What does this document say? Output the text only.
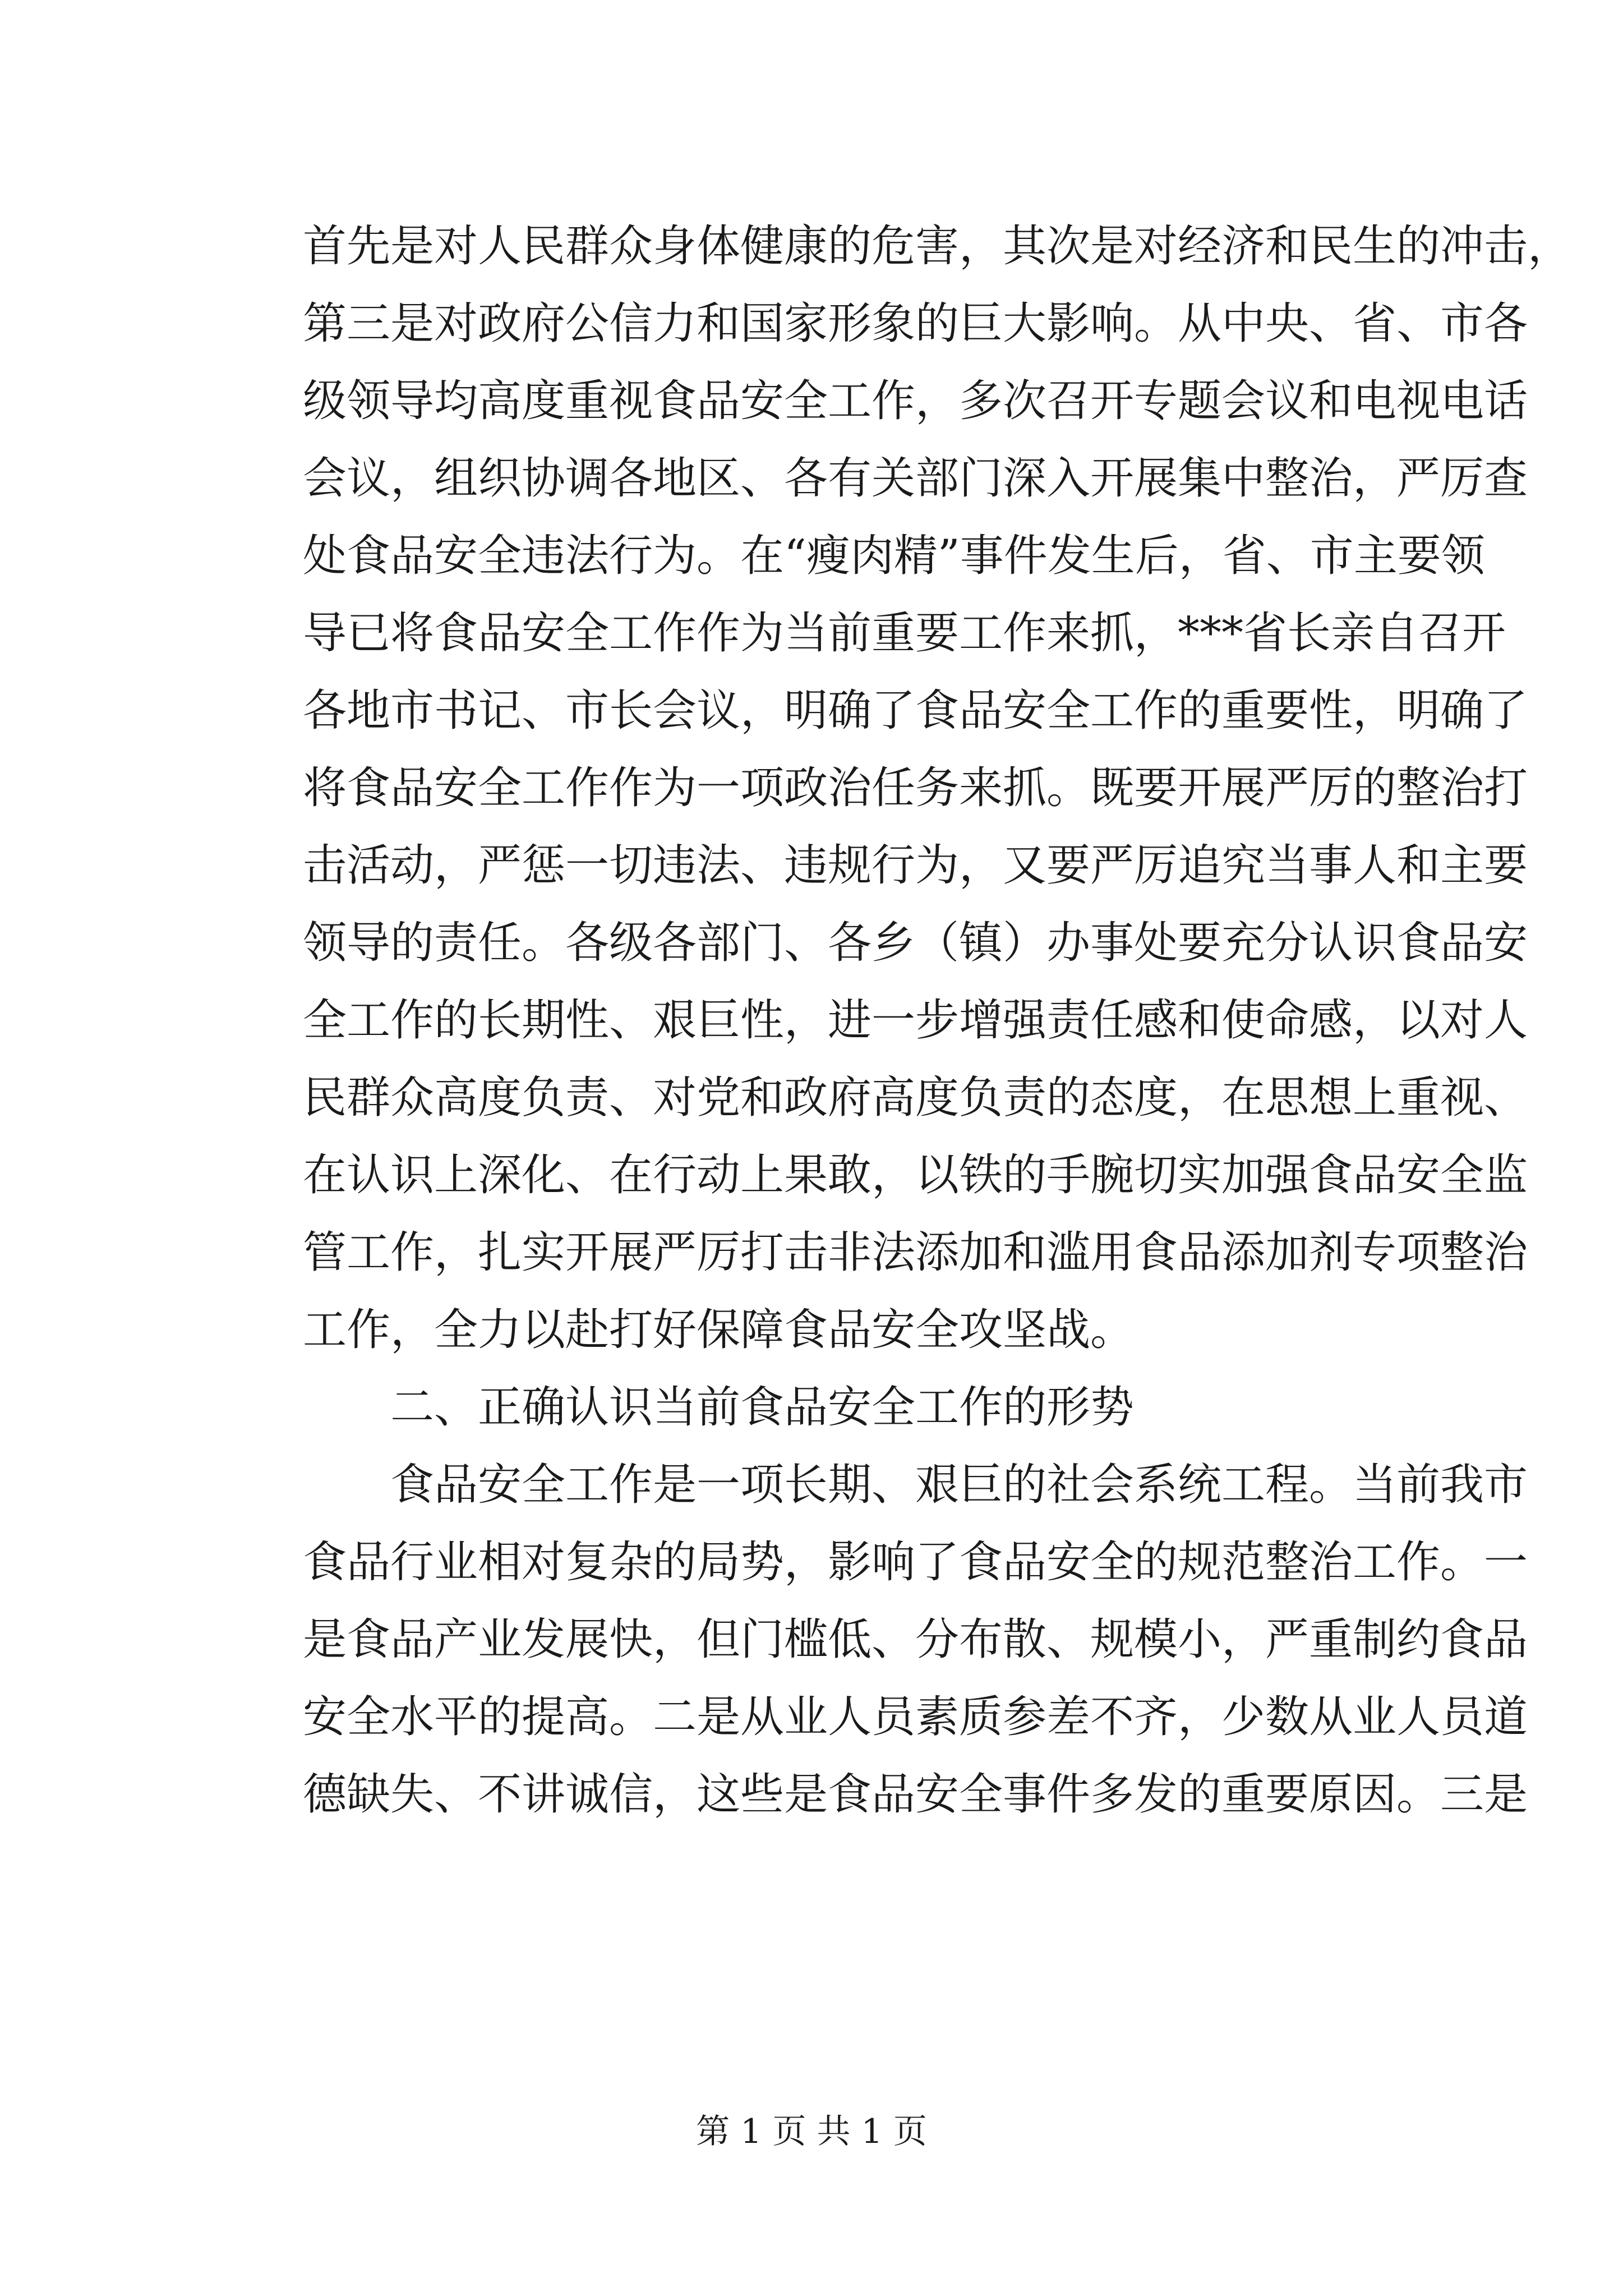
首先是对人民群众身体健康的危害，其次是对经济和民生的冲击，
第三是对政府公信力和国家形象的巨大影响。从中央、省、市各
级领导均高度重视食品安全工作，多次召开专题会议和电视电话
会议，组织协调各地区、各有关部门深入开展集中整治，严厉查
处食品安全违法行为。在“瘦肉精”事件发生后，省、市主要领
导已将食品安全工作作为当前重要工作来抓，***省长亲自召开
各地市书记、市长会议，明确了食品安全工作的重要性，明确了
将食品安全工作作为一项政治任务来抓。既要开展严厉的整治打
击活动，严惩一切违法、违规行为，又要严厉追究当事人和主要
领导的责任。各级各部门、各乡（镇）办事处要充分认识食品安
全工作的长期性、艰巨性，进一步增强责任感和使命感，以对人
民群众高度负责、对党和政府高度负责的态度，在思想上重视、
在认识上深化、在行动上果敢，以铁的手腕切实加强食品安全监
管工作，扎实开展严厉打击非法添加和滥用食品添加剂专项整治
工作，全力以赴打好保障食品安全攻坚战。
二、正确认识当前食品安全工作的形势
食品安全工作是一项长期、艰巨的社会系统工程。当前我市
食品行业相对复杂的局势，影响了食品安全的规范整治工作。一
是食品产业发展快，但门槛低、分布散、规模小，严重制约食品
安全水平的提高。二是从业人员素质参差不齐，少数从业人员道
德缺失、不讲诚信，这些是食品安全事件多发的重要原因。三是
第 1 页 共 1 页
